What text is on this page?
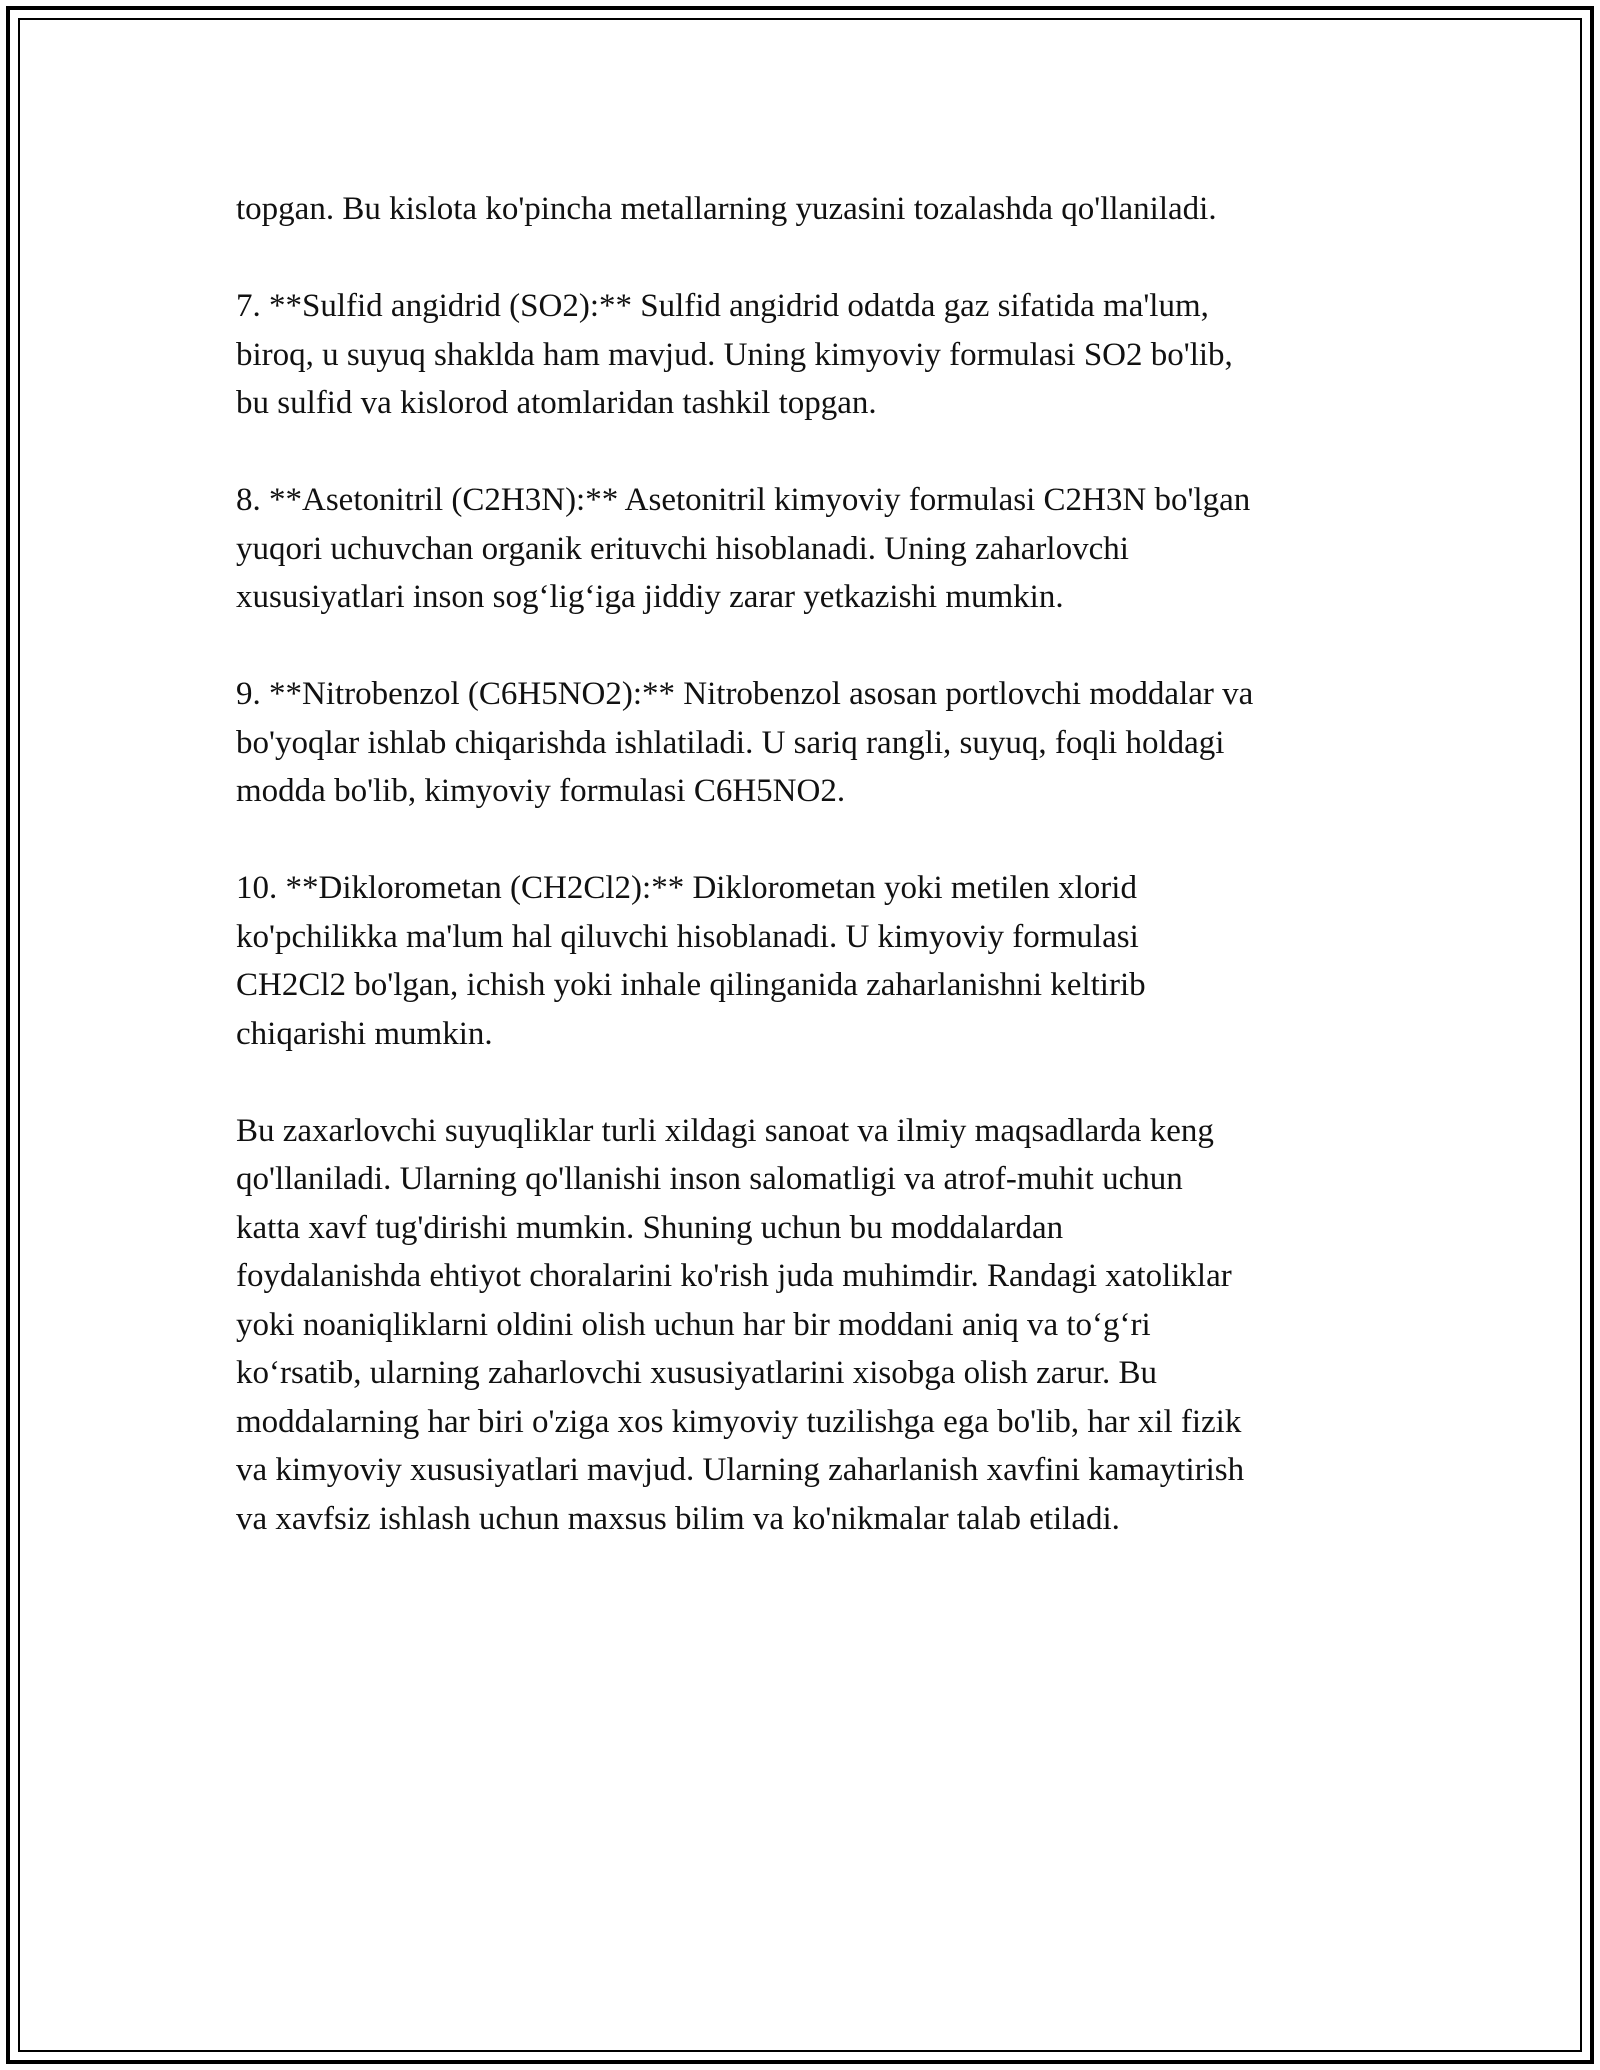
topgan. Bu kislota ko'pincha metallarning yuzasini tozalashda qo'llaniladi.

7. **Sulfid angidrid (SO2):** Sulfid angidrid odatda gaz sifatida ma'lum,
biroq, u suyuq shaklda ham mavjud. Uning kimyoviy formulasi SO2 bo'lib,
bu sulfid va kislorod atomlaridan tashkil topgan.

8. **Asetonitril (C2H3N):** Asetonitril kimyoviy formulasi C2H3N bo'lgan
yuqori uchuvchan organik erituvchi hisoblanadi. Uning zaharlovchi
xususiyatlari inson sog‘lig‘iga jiddiy zarar yetkazishi mumkin.

9. **Nitrobenzol (C6H5NO2):** Nitrobenzol asosan portlovchi moddalar va
bo'yoqlar ishlab chiqarishda ishlatiladi. U sariq rangli, suyuq, foqli holdagi
modda bo'lib, kimyoviy formulasi C6H5NO2.

10. **Diklorometan (CH2Cl2):** Diklorometan yoki metilen xlorid
ko'pchilikka ma'lum hal qiluvchi hisoblanadi. U kimyoviy formulasi
CH2Cl2 bo'lgan, ichish yoki inhale qilinganida zaharlanishni keltirib
chiqarishi mumkin.

Bu zaxarlovchi suyuqliklar turli xildagi sanoat va ilmiy maqsadlarda keng
qo'llaniladi. Ularning qo'llanishi inson salomatligi va atrof-muhit uchun
katta xavf tug'dirishi mumkin. Shuning uchun bu moddalardan
foydalanishda ehtiyot choralarini ko'rish juda muhimdir. Randagi xatoliklar
yoki noaniqliklarni oldini olish uchun har bir moddani aniq va to‘g‘ri
ko‘rsatib, ularning zaharlovchi xususiyatlarini xisobga olish zarur. Bu
moddalarning har biri o'ziga xos kimyoviy tuzilishga ega bo'lib, har xil fizik
va kimyoviy xususiyatlari mavjud. Ularning zaharlanish xavfini kamaytirish
va xavfsiz ishlash uchun maxsus bilim va ko'nikmalar talab etiladi.
